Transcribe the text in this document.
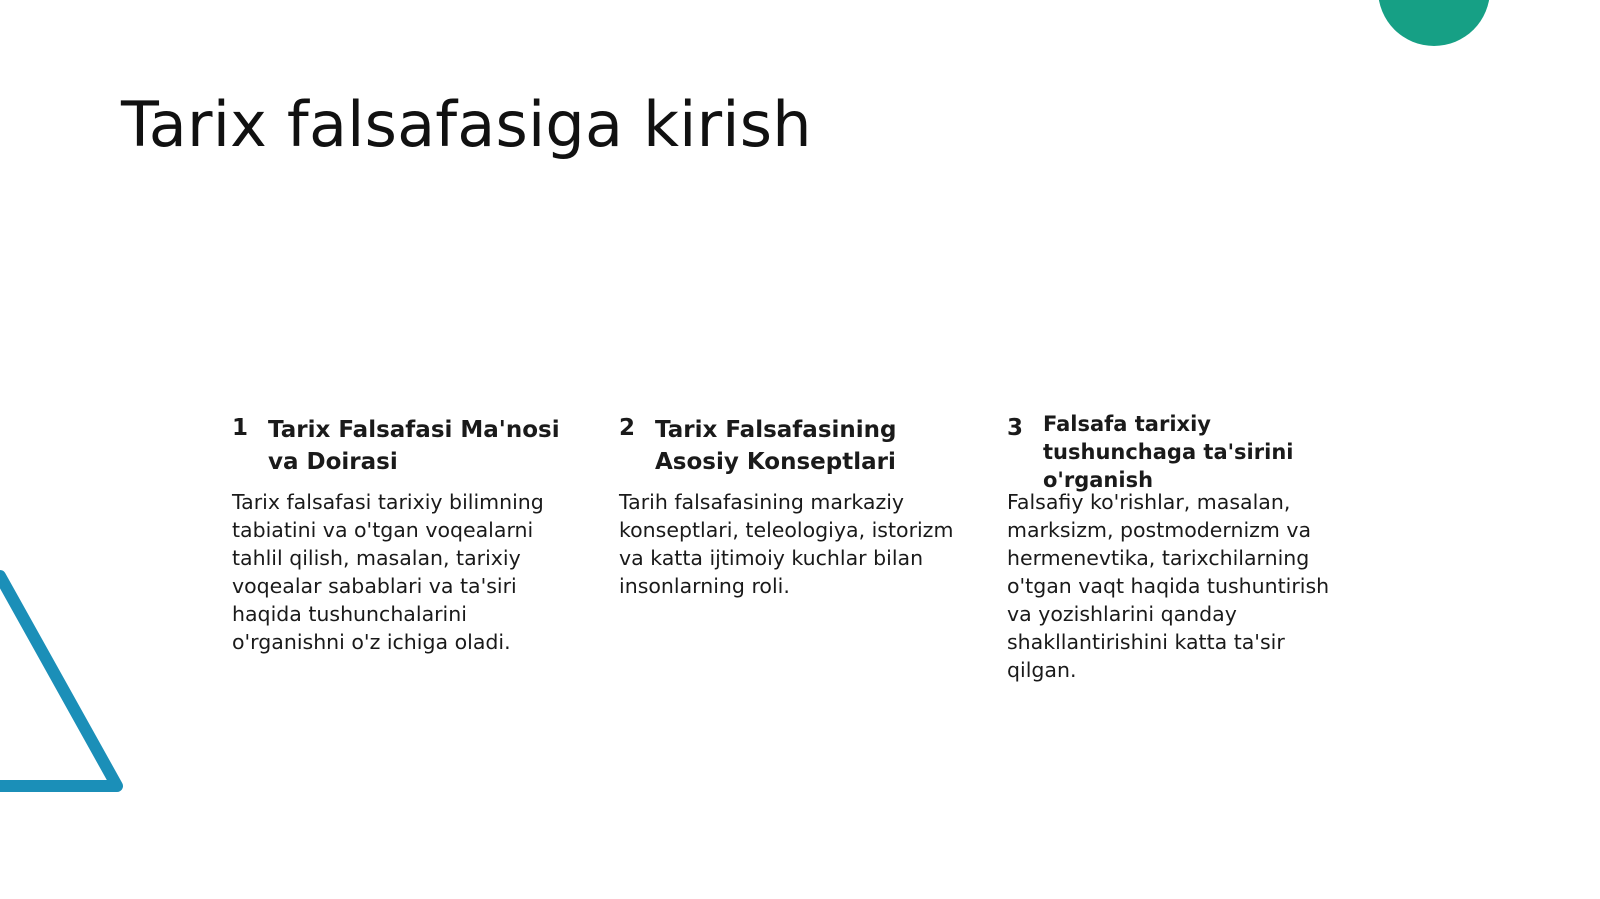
Tarix falsafasiga kirish
1 Tarix Falsafasi Ma'nosi va Doirasi

Tarix falsafasi tarixiy bilimning tabiatini va o'tgan voqealarni tahlil qilish, masalan, tarixiy voqealar sabablari va ta'siri haqida tushunchalarini o'rganishni o'z ichiga oladi.

2 Tarix Falsafasining Asosiy Konseptlari

Tarih falsafasining markaziy konseptlari, teleologiya, istorizm va katta ijtimoiy kuchlar bilan insonlarning roli.

3 Falsafa tarixiy tushunchaga ta'sirini o'rganish

Falsafiy ko'rishlar, masalan, marksizm, postmodernizm va hermenevtika, tarixchilarning o'tgan vaqt haqida tushuntirish va yozishlarini qanday shakllantirishini katta ta'sir qilgan.
